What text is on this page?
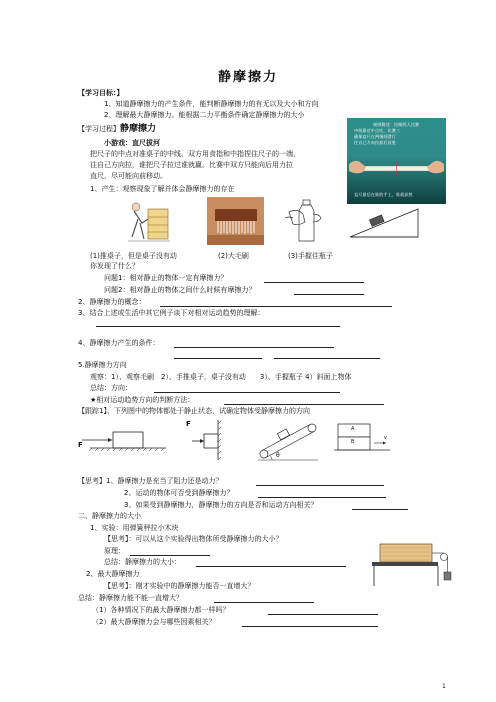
静摩擦力
【学习目标：】
1、知道静摩擦力的产生条件，能判断静摩擦力的有无以及大小和方向
2、理解最大静摩擦力。能根据二力平衡条件确定静摩擦力的大小
【学习过程】静摩擦力
小游戏：直尺拔河
把尺子的中点对准桌子的中线，双方用食指和中指捏住尺子的一端，
往自己方向拉，谁把尺子拉过谁就赢。比赛中双方只能向后用力拉
直尺，尽可能向前移动。
规则简述：拉绳两人比赛
中线靠近中点比，比赛三
确保直尺在两指间滑行
往自己方向拉最后获胜
直尺最后在谁的手上，谁就获胜
1、产生：观察现象了解并体会静摩擦力的存在
(1)推桌子，但是桌子没有动	(2)大毛刷	(3)手握住瓶子
你发现了什么？
问题1：相对静止的物体一定有摩擦力？
问题2：相对静止的物体之间什么时候有摩擦力？
2、静摩擦力的概念：
3、结合上述或生活中其它例子谈下对相对运动趋势的理解：
4、静摩擦力产生的条件：
5.静摩擦力方向
观察：1）、观察毛刷　2）、手推桌子，桌子没有动　　3）、手握瓶子 4）斜面上物体
总结：方向：
★相对运动趋势方向的判断方法：
【跟踪1】、下列图中的物体都处于静止状态，试确定物体受静摩擦力的方向
F
F
θ
A
B
v
【思考】1、静摩擦力是充当了阻力还是动力？
2、运动的物体可否受到静摩擦力？
3、如果受到静摩擦力，静摩擦力的方向是否和运动方向相关？
二、静摩擦力的大小
1、实验：用弹簧秤拉小木块
【思考】：可以从这个实验得出物体所受静摩擦力的大小？
原理：
总结：静摩擦力的大小：
2、最大静摩擦力
【思考】：刚才实验中的静摩擦力能否一直增大？
总结：静摩擦力能不能一直增大？
（1）各种情况下的最大静摩擦力都一样吗？
（2）最大静摩擦力会与哪些因素相关？
1
